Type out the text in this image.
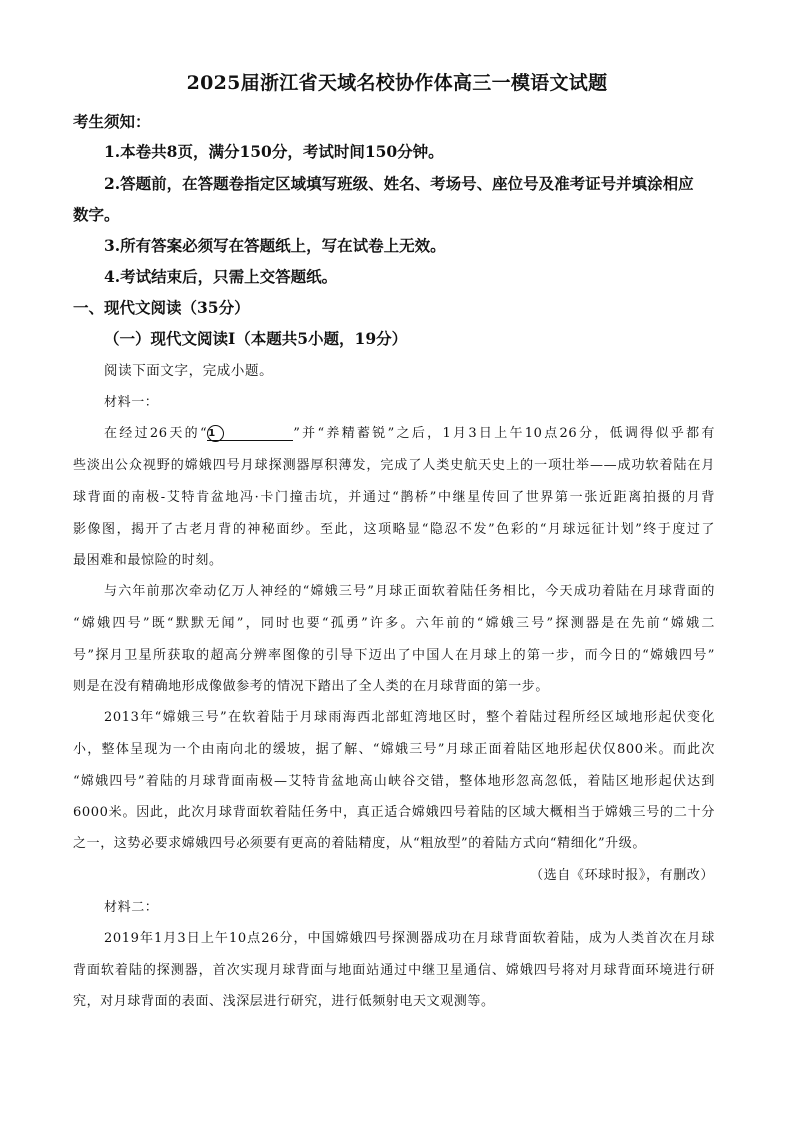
2025届浙江省天域名校协作体高三一模语文试题
考生须知：
1.本卷共8页，满分150分，考试时间150分钟。
2.答题前，在答题卷指定区域填写班级、姓名、考场号、座位号及准考证号并填涂相应
数字。
3.所有答案必须写在答题纸上，写在试卷上无效。
4.考试结束后，只需上交答题纸。
一、现代文阅读（35分）
（一）现代文阅读Ⅰ（本题共5小题，19分）
阅读下面文字，完成小题。
材料一：
在经过26天的“1	”并“养精蓄锐”之后，1月3日上午10点26分，低调得似乎都有
些淡出公众视野的嫦娥四号月球探测器厚积薄发，完成了人类史航天史上的一项壮举——成功软着陆在月
球背面的南极-艾特肯盆地冯·卡门撞击坑，并通过“鹊桥”中继星传回了世界第一张近距离拍摄的月背
影像图，揭开了古老月背的神秘面纱。至此，这项略显“隐忍不发”色彩的“月球远征计划”终于度过了
最困难和最惊险的时刻。
与六年前那次牵动亿万人神经的“嫦娥三号”月球正面软着陆任务相比，今天成功着陆在月球背面的
“嫦娥四号”既“默默无闻”，同时也要“孤勇”许多。六年前的“嫦娥三号”探测器是在先前“嫦娥二
号”探月卫星所获取的超高分辨率图像的引导下迈出了中国人在月球上的第一步，而今日的“嫦娥四号”
则是在没有精确地形成像做参考的情况下踏出了全人类的在月球背面的第一步。
2013年“嫦娥三号”在软着陆于月球雨海西北部虹湾地区时，整个着陆过程所经区域地形起伏变化
小，整体呈现为一个由南向北的缓坡，据了解、“嫦娥三号”月球正面着陆区地形起伏仅800米。而此次
“嫦娥四号”着陆的月球背面南极—艾特肯盆地高山峡谷交错，整体地形忽高忽低，着陆区地形起伏达到
6000米。因此，此次月球背面软着陆任务中，真正适合嫦娥四号着陆的区域大概相当于嫦娥三号的二十分
之一，这势必要求嫦娥四号必须要有更高的着陆精度，从“粗放型”的着陆方式向“精细化”升级。
（选自《环球时报》，有删改）
材料二：
2019年1月3日上午10点26分，中国嫦娥四号探测器成功在月球背面软着陆，成为人类首次在月球
背面软着陆的探测器，首次实现月球背面与地面站通过中继卫星通信、嫦娥四号将对月球背面环境进行研
究，对月球背面的表面、浅深层进行研究，进行低频射电天文观测等。
